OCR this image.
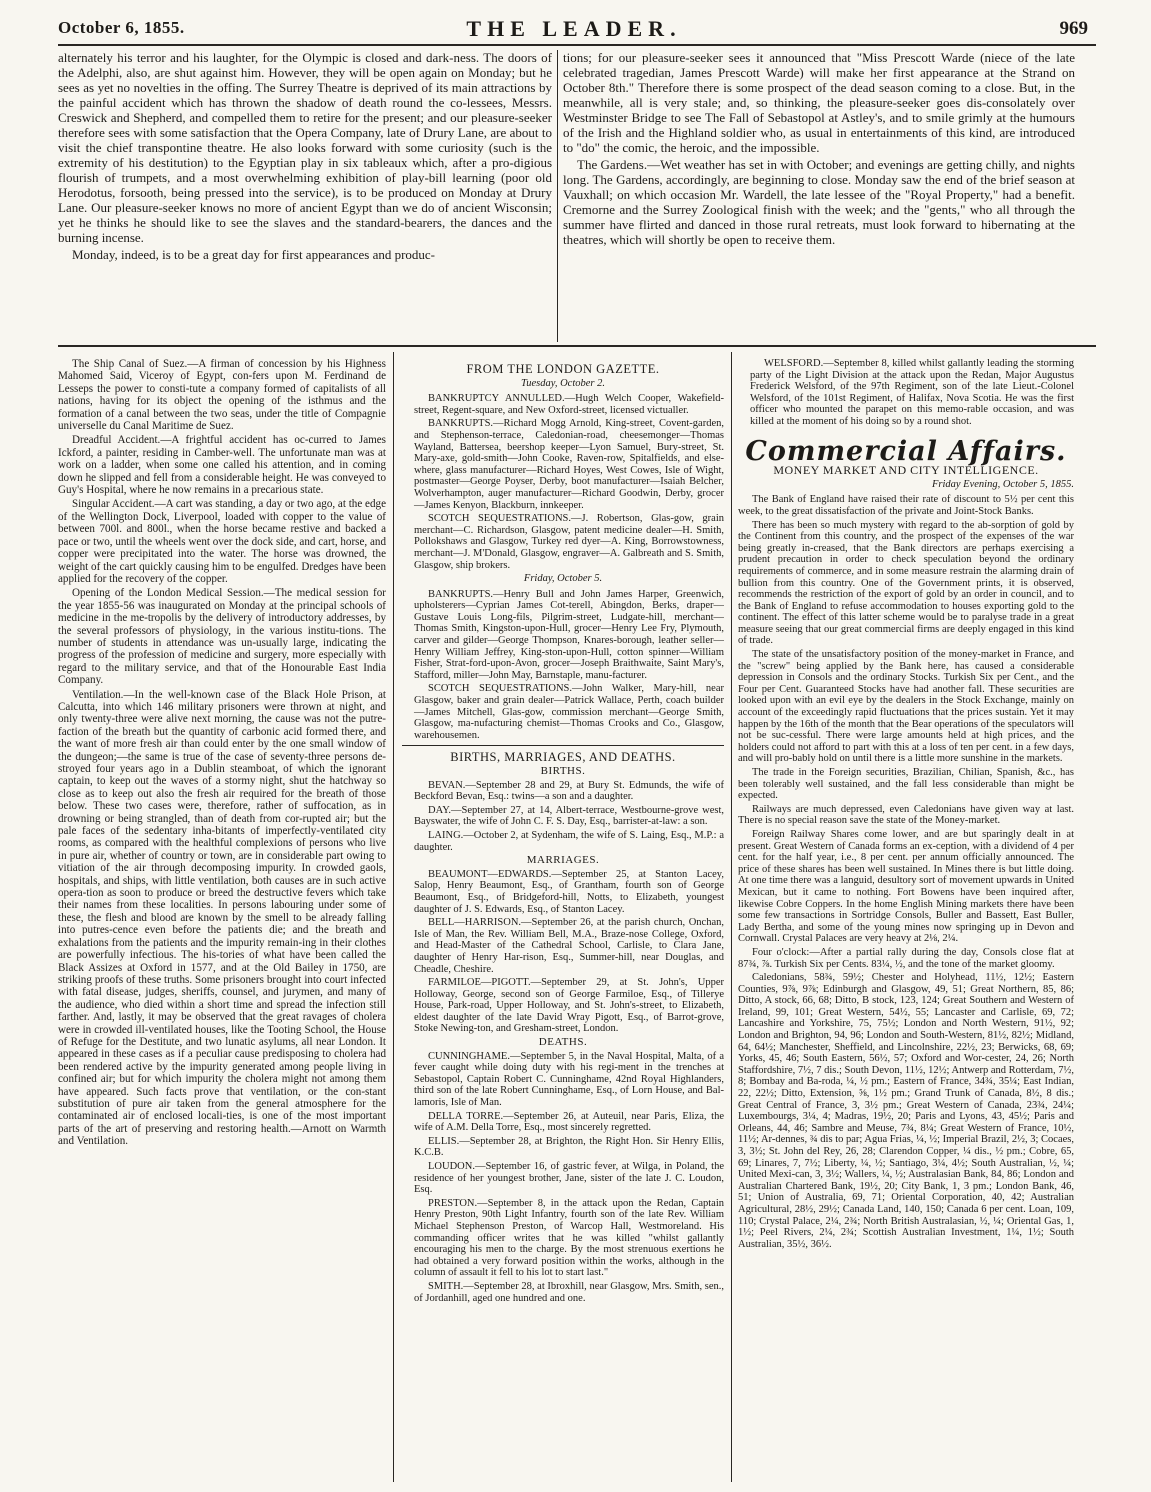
October 6, 1855.	THE LEADER.	969

alternately his terror and his laughter, for the Olympic is closed and dark-ness. The doors of the Adelphi, also, are shut against him. However, they will be open again on Monday; but he sees as yet no novelties in the offing. The Surrey Theatre is deprived of its main attractions by the painful accident which has thrown the shadow of death round the co-lessees, Messrs. Creswick and Shepherd, and compelled them to retire for the present; and our pleasure-seeker therefore sees with some satisfaction that the Opera Company, late of Drury Lane, are about to visit the chief transpontine theatre. He also looks forward with some curiosity (such is the extremity of his destitution) to the Egyptian play in six tableaux which, after a pro-digious flourish of trumpets, and a most overwhelming exhibition of play-bill learning (poor old Herodotus, forsooth, being pressed into the service), is to be produced on Monday at Drury Lane. Our pleasure-seeker knows no more of ancient Egypt than we do of ancient Wisconsin; yet he thinks he should like to see the slaves and the standard-bearers, the dances and the burning incense.

Monday, indeed, is to be a great day for first appearances and produc-

tions; for our pleasure-seeker sees it announced that "Miss Prescott Warde (niece of the late celebrated tragedian, James Prescott Warde) will make her first appearance at the Strand on October 8th." Therefore there is some prospect of the dead season coming to a close. But, in the meanwhile, all is very stale; and, so thinking, the pleasure-seeker goes dis-consolately over Westminster Bridge to see The Fall of Sebastopol at Astley's, and to smile grimly at the humours of the Irish and the Highland soldier who, as usual in entertainments of this kind, are introduced to "do" the comic, the heroic, and the impossible.

The Gardens.—Wet weather has set in with October; and evenings are getting chilly, and nights long. The Gardens, accordingly, are beginning to close. Monday saw the end of the brief season at Vauxhall; on which occasion Mr. Wardell, the late lessee of the "Royal Property," had a benefit. Cremorne and the Surrey Zoological finish with the week; and the "gents," who all through the summer have flirted and danced in those rural retreats, must look forward to hibernating at the theatres, which will shortly be open to receive them.

The Ship Canal of Suez.—A firman of concession by his Highness Mahomed Said, Viceroy of Egypt, con-fers upon M. Ferdinand de Lesseps the power to consti-tute a company formed of capitalists of all nations, having for its object the opening of the isthmus and the formation of a canal between the two seas, under the title of Compagnie universelle du Canal Maritime de Suez.

Dreadful Accident.—A frightful accident has oc-curred to James Ickford, a painter, residing in Camber-well. The unfortunate man was at work on a ladder, when some one called his attention, and in coming down he slipped and fell from a considerable height. He was conveyed to Guy's Hospital, where he now remains in a precarious state.

Singular Accident.—A cart was standing, a day or two ago, at the edge of the Wellington Dock, Liverpool, loaded with copper to the value of between 700l. and 800l., when the horse became restive and backed a pace or two, until the wheels went over the dock side, and cart, horse, and copper were precipitated into the water. The horse was drowned, the weight of the cart quickly causing him to be engulfed. Dredges have been applied for the recovery of the copper.

Opening of the London Medical Session.—The medical session for the year 1855-56 was inaugurated on Monday at the principal schools of medicine in the me-tropolis by the delivery of introductory addresses, by the several professors of physiology, in the various institu-tions. The number of students in attendance was un-usually large, indicating the progress of the profession of medicine and surgery, more especially with regard to the military service, and that of the Honourable East India Company.

Ventilation.—In the well-known case of the Black Hole Prison, at Calcutta, into which 146 military prisoners were thrown at night, and only twenty-three were alive next morning, the cause was not the putre-faction of the breath but the quantity of carbonic acid formed there, and the want of more fresh air than could enter by the one small window of the dungeon;—the same is true of the case of seventy-three persons de-stroyed four years ago in a Dublin steamboat, of which the ignorant captain, to keep out the waves of a stormy night, shut the hatchway so close as to keep out also the fresh air required for the breath of those below. These two cases were, therefore, rather of suffocation, as in drowning or being strangled, than of death from cor-rupted air; but the pale faces of the sedentary inha-bitants of imperfectly-ventilated city rooms, as compared with the healthful complexions of persons who live in pure air, whether of country or town, are in considerable part owing to vitiation of the air through decomposing impurity. In crowded gaols, hospitals, and ships, with little ventilation, both causes are in such active opera-tion as soon to produce or breed the destructive fevers which take their names from these localities. In persons labouring under some of these, the flesh and blood are known by the smell to be already falling into putres-cence even before the patients die; and the breath and exhalations from the patients and the impurity remain-ing in their clothes are powerfully infectious. The his-tories of what have been called the Black Assizes at Oxford in 1577, and at the Old Bailey in 1750, are striking proofs of these truths. Some prisoners brought into court infected with fatal disease, judges, sheriffs, counsel, and jurymen, and many of the audience, who died within a short time and spread the infection still farther. And, lastly, it may be observed that the great ravages of cholera were in crowded ill-ventilated houses, like the Tooting School, the House of Refuge for the Destitute, and two lunatic asylums, all near London. It appeared in these cases as if a peculiar cause predisposing to cholera had been rendered active by the impurity generated among people living in confined air; but for which impurity the cholera might not among them have appeared. Such facts prove that ventilation, or the con-stant substitution of pure air taken from the general atmosphere for the contaminated air of enclosed locali-ties, is one of the most important parts of the art of preserving and restoring health.—Arnott on Warmth and Ventilation.

FROM THE LONDON GAZETTE.
Tuesday, October 2.

BANKRUPTCY ANNULLED.—Hugh Welch Cooper, Wakefield-street, Regent-square, and New Oxford-street, licensed victualler.

BANKRUPTS.—Richard Mogg Arnold, King-street, Covent-garden, and Stephenson-terrace, Caledonian-road, cheesemonger—Thomas Wayland, Battersea, beershop keeper—Lyon Samuel, Bury-street, St. Mary-axe, gold-smith—John Cooke, Raven-row, Spitalfields, and else-where, glass manufacturer—Richard Hoyes, West Cowes, Isle of Wight, postmaster—George Poyser, Derby, boot manufacturer—Isaiah Belcher, Wolverhampton, auger manufacturer—Richard Goodwin, Derby, grocer—James Kenyon, Blackburn, innkeeper.

SCOTCH SEQUESTRATIONS.—J. Robertson, Glas-gow, grain merchant—C. Richardson, Glasgow, patent medicine dealer—H. Smith, Pollokshaws and Glasgow, Turkey red dyer—A. King, Borrowstowness, merchant—J. M'Donald, Glasgow, engraver—A. Galbreath and S. Smith, Glasgow, ship brokers.

Friday, October 5.

BANKRUPTS.—Henry Bull and John James Harper, Greenwich, upholsterers—Cyprian James Cot-terell, Abingdon, Berks, draper—Gustave Louis Long-fils, Pilgrim-street, Ludgate-hill, merchant—Thomas Smith, Kingston-upon-Hull, grocer—Henry Lee Fry, Plymouth, carver and gilder—George Thompson, Knares-borough, leather seller—Henry William Jeffrey, King-ston-upon-Hull, cotton spinner—William Fisher, Strat-ford-upon-Avon, grocer—Joseph Braithwaite, Saint Mary's, Stafford, miller—John May, Barnstaple, manu-facturer.

SCOTCH SEQUESTRATIONS.—John Walker, Mary-hill, near Glasgow, baker and grain dealer—Patrick Wallace, Perth, coach builder—James Mitchell, Glas-gow, commission merchant—George Smith, Glasgow, ma-nufacturing chemist—Thomas Crooks and Co., Glasgow, warehousemen.

BIRTHS, MARRIAGES, AND DEATHS.
BIRTHS.

BEVAN.—September 28 and 29, at Bury St. Edmunds, the wife of Beckford Bevan, Esq.: twins—a son and a daughter.

DAY.—September 27, at 14, Albert-terrace, Westbourne-grove west, Bayswater, the wife of John C. F. S. Day, Esq., barrister-at-law: a son.

LAING.—October 2, at Sydenham, the wife of S. Laing, Esq., M.P.: a daughter.

MARRIAGES.

BEAUMONT—EDWARDS.—September 25, at Stanton Lacey, Salop, Henry Beaumont, Esq., of Grantham, fourth son of George Beaumont, Esq., of Bridgeford-hill, Notts, to Elizabeth, youngest daughter of J. S. Edwards, Esq., of Stanton Lacey.

BELL—HARRISON.—September 26, at the parish church, Onchan, Isle of Man, the Rev. William Bell, M.A., Braze-nose College, Oxford, and Head-Master of the Cathedral School, Carlisle, to Clara Jane, daughter of Henry Har-rison, Esq., Summer-hill, near Douglas, and Cheadle, Cheshire.

FARMILOE—PIGOTT.—September 29, at St. John's, Upper Holloway, George, second son of George Farmiloe, Esq., of Tillerye House, Park-road, Upper Holloway, and St. John's-street, to Elizabeth, eldest daughter of the late David Wray Pigott, Esq., of Barrot-grove, Stoke Newing-ton, and Gresham-street, London.

DEATHS.

CUNNINGHAME.—September 5, in the Naval Hospital, Malta, of a fever caught while doing duty with his regi-ment in the trenches at Sebastopol, Captain Robert C. Cunninghame, 42nd Royal Highlanders, third son of the late Robert Cunninghame, Esq., of Lorn House, and Bal-lamoris, Isle of Man.

DELLA TORRE.—September 26, at Auteuil, near Paris, Eliza, the wife of A.M. Della Torre, Esq., most sincerely regretted.

ELLIS.—September 28, at Brighton, the Right Hon. Sir Henry Ellis, K.C.B.

LOUDON.—September 16, of gastric fever, at Wilga, in Poland, the residence of her youngest brother, Jane, sister of the late J. C. Loudon, Esq.

PRESTON.—September 8, in the attack upon the Redan, Captain Henry Preston, 90th Light Infantry, fourth son of the late Rev. William Michael Stephenson Preston, of Warcop Hall, Westmoreland. His commanding officer writes that he was killed "whilst gallantly encouraging his men to the charge. By the most strenuous exertions he had obtained a very forward position within the works, although in the column of assault it fell to his lot to start last."

SMITH.—September 28, at Ibroxhill, near Glasgow, Mrs. Smith, sen., of Jordanhill, aged one hundred and one.

WELSFORD.—September 8, killed whilst gallantly leading the storming party of the Light Division at the attack upon the Redan, Major Augustus Frederick Welsford, of the 97th Regiment, son of the late Lieut.-Colonel Welsford, of the 101st Regiment, of Halifax, Nova Scotia. He was the first officer who mounted the parapet on this memo-rable occasion, and was killed at the moment of his doing so by a round shot.

Commercial Affairs.
MONEY MARKET AND CITY INTELLIGENCE.
Friday Evening, October 5, 1855.

The Bank of England have raised their rate of discount to 5½ per cent this week, to the great dissatisfaction of the private and Joint-Stock Banks.

There has been so much mystery with regard to the ab-sorption of gold by the Continent from this country, and the prospect of the expenses of the war being greatly in-creased, that the Bank directors are perhaps exercising a prudent precaution in order to check speculation beyond the ordinary requirements of commerce, and in some measure restrain the alarming drain of bullion from this country. One of the Government prints, it is observed, recommends the restriction of the export of gold by an order in council, and to the Bank of England to refuse accommodation to houses exporting gold to the continent. The effect of this latter scheme would be to paralyse trade in a great measure seeing that our great commercial firms are deeply engaged in this kind of trade.

The state of the unsatisfactory position of the money-market in France, and the "screw" being applied by the Bank here, has caused a considerable depression in Consols and the ordinary Stocks. Turkish Six per Cent., and the Four per Cent. Guaranteed Stocks have had another fall. These securities are looked upon with an evil eye by the dealers in the Stock Exchange, mainly on account of the exceedingly rapid fluctuations that the prices sustain. Yet it may happen by the 16th of the month that the Bear operations of the speculators will not be suc-cessful. There were large amounts held at high prices, and the holders could not afford to part with this at a loss of ten per cent. in a few days, and will pro-bably hold on until there is a little more sunshine in the markets.

The trade in the Foreign securities, Brazilian, Chilian, Spanish, &c., has been tolerably well sustained, and the fall less considerable than might be expected.

Railways are much depressed, even Caledonians have given way at last. There is no special reason save the state of the Money-market.

Foreign Railway Shares come lower, and are but sparingly dealt in at present. Great Western of Canada forms an ex-ception, with a dividend of 4 per cent. for the half year, i.e., 8 per cent. per annum officially announced. The price of these shares has been well sustained. In Mines there is but little doing. At one time there was a languid, desultory sort of movement upwards in United Mexican, but it came to nothing. Fort Bowens have been inquired after, likewise Cobre Coppers. In the home English Mining markets there have been some few transactions in Sortridge Consols, Buller and Bassett, East Buller, Lady Bertha, and some of the young mines now springing up in Devon and Cornwall. Crystal Palaces are very heavy at 2⅛, 2¼.

Four o'clock:—After a partial rally during the day, Consols close flat at 87¾, ⅞. Turkish Six per Cents. 83¼, ½, and the tone of the market gloomy.

Caledonians, 58¾, 59½; Chester and Holyhead, 11½, 12½; Eastern Counties, 9⅞, 9⅞; Edinburgh and Glasgow, 49, 51; Great Northern, 85, 86; Ditto, A stock, 66, 68; Ditto, B stock, 123, 124; Great Southern and Western of Ireland, 99, 101; Great Western, 54½, 55; Lancaster and Carlisle, 69, 72; Lancashire and Yorkshire, 75, 75½; London and North Western, 91½, 92; London and Brighton, 94, 96; London and South-Western, 81½, 82½; Midland, 64, 64½; Manchester, Sheffield, and Lincolnshire, 22½, 23; Berwicks, 68, 69; Yorks, 45, 46; South Eastern, 56½, 57; Oxford and Wor-cester, 24, 26; North Staffordshire, 7½, 7 dis.; South Devon, 11½, 12½; Antwerp and Rotterdam, 7½, 8; Bombay and Ba-roda, ¼, ½ pm.; Eastern of France, 34¾, 35¼; East Indian, 22, 22½; Ditto, Extension, ⅝, 1½ pm.; Grand Trunk of Canada, 8½, 8 dis.; Great Central of France, 3, 3½ pm.; Great Western of Canada, 23¾, 24¼; Luxembourgs, 3¼, 4; Madras, 19½, 20; Paris and Lyons, 43, 45½; Paris and Orleans, 44, 46; Sambre and Meuse, 7¾, 8¼; Great Western of France, 10½, 11½; Ar-dennes, ¾ dis to par; Agua Frias, ¼, ½; Imperial Brazil, 2½, 3; Cocaes, 3, 3½; St. John del Rey, 26, 28; Clarendon Copper, ¼ dis., ½ pm.; Cobre, 65, 69; Linares, 7, 7½; Liberty, ¼, ½; Santiago, 3¼, 4½; South Australian, ½, ¼; United Mexi-can, 3, 3½; Wallers, ¼, ½; Australasian Bank, 84, 86; London and Australian Chartered Bank, 19½, 20; City Bank, 1, 3 pm.; London Bank, 46, 51; Union of Australia, 69, 71; Oriental Corporation, 40, 42; Australian Agricultural, 28½, 29½; Canada Land, 140, 150; Canada 6 per cent. Loan, 109, 110; Crystal Palace, 2¼, 2¾; North British Australasian, ½, ¼; Oriental Gas, 1, 1½; Peel Rivers, 2¼, 2¾; Scottish Australian Investment, 1¼, 1½; South Australian, 35½, 36½.
